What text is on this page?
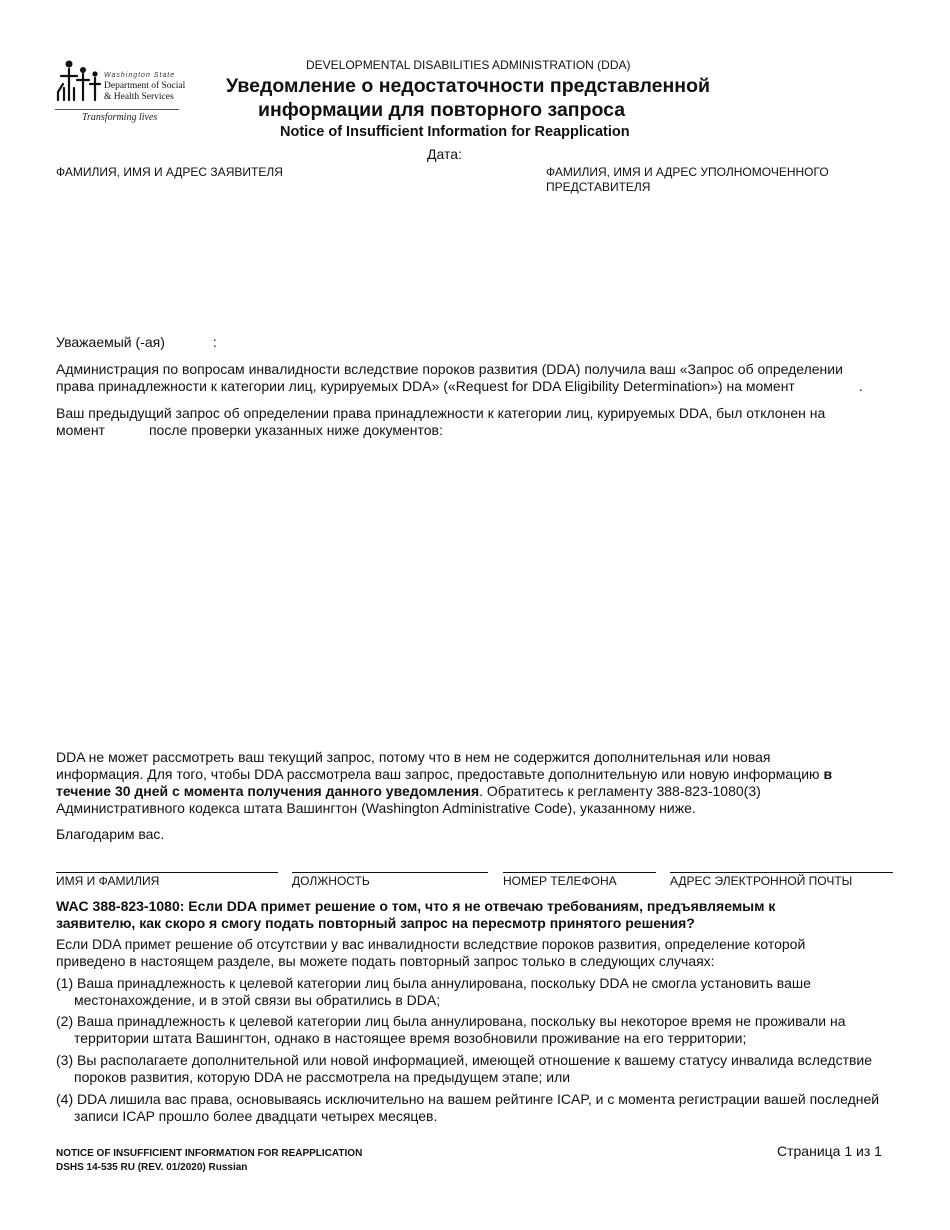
Washington State
Department of Social
& Health Services
Transforming lives
DEVELOPMENTAL DISABILITIES ADMINISTRATION (DDA)
Уведомление о недостаточности представленной
информации для повторного запроса
Notice of Insufficient Information for Reapplication
Дата:
ФАМИЛИЯ, ИМЯ И АДРЕС ЗАЯВИТЕЛЯ	ФАМИЛИЯ, ИМЯ И АДРЕС УПОЛНОМОЧЕННОГО
ПРЕДСТАВИТЕЛЯ
Уважаемый (-ая)	:
Администрация по вопросам инвалидности вследствие пороков развития (DDA) получила ваш «Запрос об определении
права принадлежности к категории лиц, курируемых DDA» («Request for DDA Eligibility Determination») на момент	.
Ваш предыдущий запрос об определении права принадлежности к категории лиц, курируемых DDA, был отклонен на
момент	после проверки указанных ниже документов:
DDA не может рассмотреть ваш текущий запрос, потому что в нем не содержится дополнительная или новая
информация. Для того, чтобы DDA рассмотрела ваш запрос, предоставьте дополнительную или новую информацию в
течение 30 дней с момента получения данного уведомления. Обратитесь к регламенту 388-823-1080(3)
Административного кодекса штата Вашингтон (Washington Administrative Code), указанному ниже.
Благодарим вас.
ИМЯ И ФАМИЛИЯ	ДОЛЖНОСТЬ	НОМЕР ТЕЛЕФОНА	АДРЕС ЭЛЕКТРОННОЙ ПОЧТЫ
WAC 388-823-1080: Если DDA примет решение о том, что я не отвечаю требованиям, предъявляемым к
заявителю, как скоро я смогу подать повторный запрос на пересмотр принятого решения?
Если DDA примет решение об отсутствии у вас инвалидности вследствие пороков развития, определение которой
приведено в настоящем разделе, вы можете подать повторный запрос только в следующих случаях:
(1) Ваша принадлежность к целевой категории лиц была аннулирована, поскольку DDA не смогла установить ваше местонахождение, и в этой связи вы обратились в DDA;
(2) Ваша принадлежность к целевой категории лиц была аннулирована, поскольку вы некоторое время не проживали на территории штата Вашингтон, однако в настоящее время возобновили проживание на его территории;
(3) Вы располагаете дополнительной или новой информацией, имеющей отношение к вашему статусу инвалида вследствие пороков развития, которую DDA не рассмотрела на предыдущем этапе; или
(4) DDA лишила вас права, основываясь исключительно на вашем рейтинге ICAP, и с момента регистрации вашей последней записи ICAP прошло более двадцати четырех месяцев.
NOTICE OF INSUFFICIENT INFORMATION FOR REAPPLICATION
DSHS 14-535 RU (REV. 01/2020) Russian
Страница 1 из 1
